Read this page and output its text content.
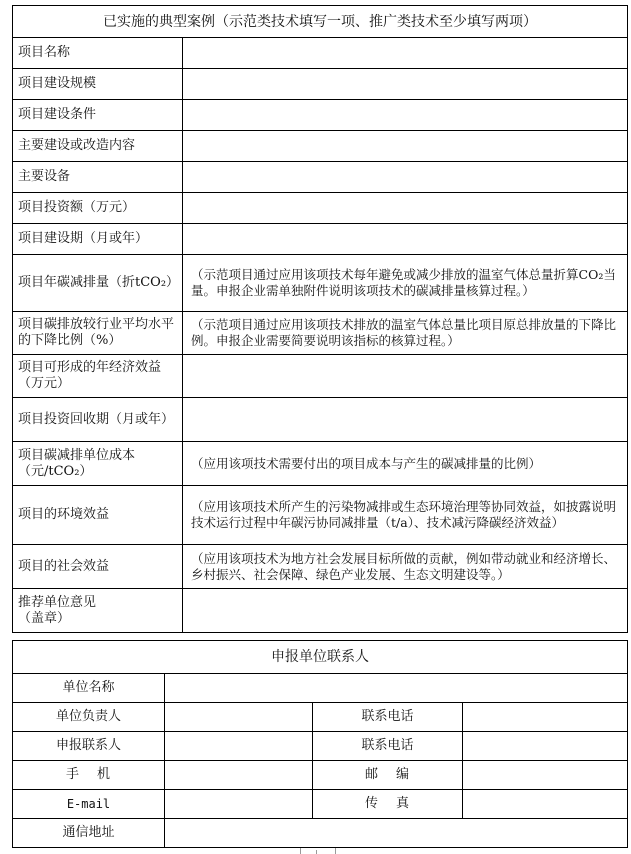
已实施的典型案例（示范类技术填写一项、推广类技术至少填写两项）	
项目名称	
项目建设规模	
项目建设条件	
主要建设或改造内容	
主要设备	
项目投资额（万元）	
项目建设期（月或年）	
项目年碳减排量（折tCO₂）	（示范项目通过应用该项技术每年避免或减少排放的温室气体总量折算CO₂当量。申报企业需单独附件说明该项技术的碳减排量核算过程。）
项目碳排放较行业平均水平的下降比例（%）	（示范项目通过应用该项技术排放的温室气体总量比项目原总排放量的下降比例。申报企业需要简要说明该指标的核算过程。）
项目可形成的年经济效益（万元）	
项目投资回收期（月或年）	
项目碳减排单位成本（元/tCO₂）	（应用该项技术需要付出的项目成本与产生的碳减排量的比例）
项目的环境效益	（应用该项技术所产生的污染物减排或生态环境治理等协同效益，如披露说明技术运行过程中年碳污协同减排量（t/a）、技术减污降碳经济效益）
项目的社会效益	（应用该项技术为地方社会发展目标所做的贡献，例如带动就业和经济增长、乡村振兴、社会保障、绿色产业发展、生态文明建设等。）
推荐单位意见
（盖章）	
申报单位联系人			
单位名称			
单位负责人		联系电话	
申报联系人		联系电话	
手机		邮编	
E-mail		传真	
通信地址			
